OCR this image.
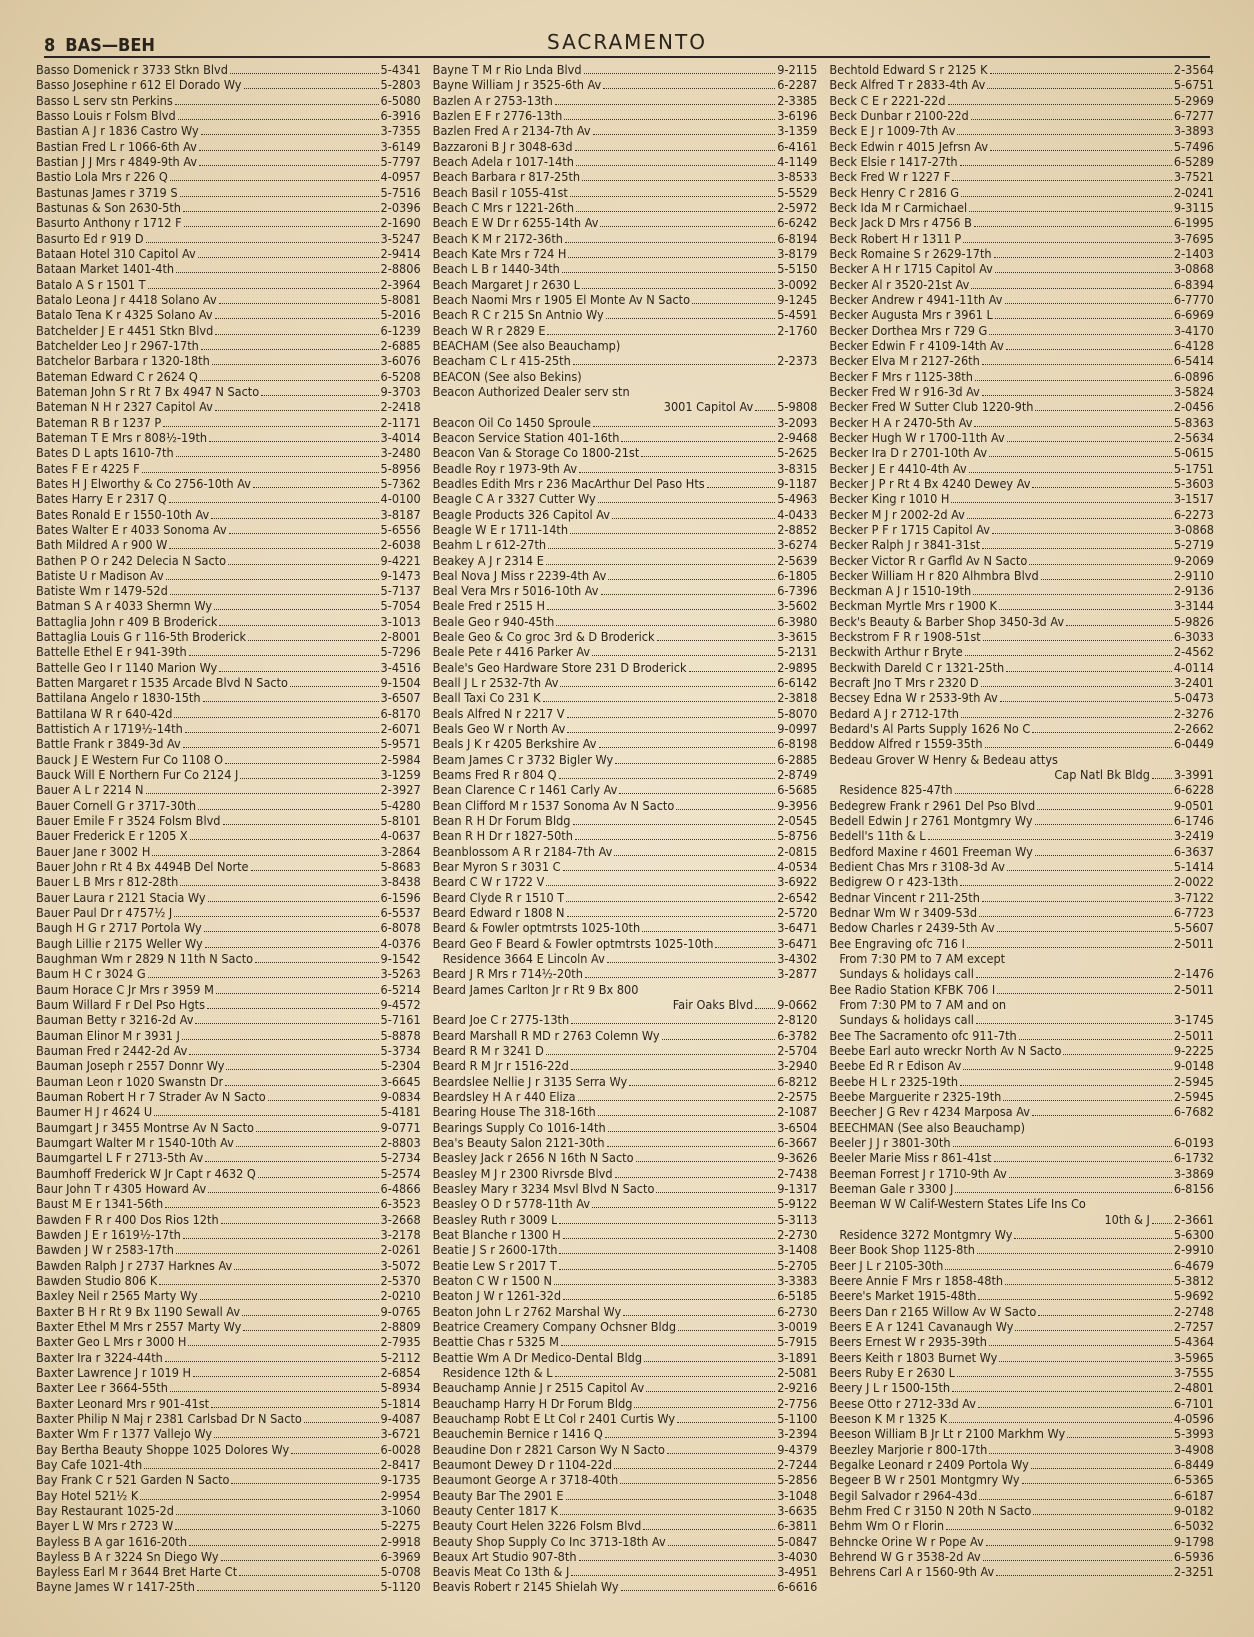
8 BAS—BEH	SACRAMENTO
Basso Domenick r 3733 Stkn Blvd	5-4341
Basso Josephine r 612 El Dorado Wy	5-2803
Basso L serv stn Perkins	6-5080
Basso Louis r Folsm Blvd	6-3916
Bastian A J r 1836 Castro Wy	3-7355
Bastian Fred L r 1066-6th Av	3-6149
Bastian J J Mrs r 4849-9th Av	5-7797
Bastio Lola Mrs r 226 Q	4-0957
Bastunas James r 3719 S	5-7516
Bastunas & Son 2630-5th	2-0396
Basurto Anthony r 1712 F	2-1690
Basurto Ed r 919 D	3-5247
Bataan Hotel 310 Capitol Av	2-9414
Bataan Market 1401-4th	2-8806
Batalo A S r 1501 T	2-3964
Batalo Leona J r 4418 Solano Av	5-8081
Batalo Tena K r 4325 Solano Av	5-2016
Batchelder J E r 4451 Stkn Blvd	6-1239
Batchelder Leo J r 2967-17th	2-6885
Batchelor Barbara r 1320-18th	3-6076
Bateman Edward C r 2624 Q	6-5208
Bateman John S r Rt 7 Bx 4947 N Sacto	9-3703
Bateman N H r 2327 Capitol Av	2-2418
Bateman R B r 1237 P	2-1171
Bateman T E Mrs r 808½-19th	3-4014
Bates D L apts 1610-7th	3-2480
Bates F E r 4225 F	5-8956
Bates H J Elworthy & Co 2756-10th Av	5-7362
Bates Harry E r 2317 Q	4-0100
Bates Ronald E r 1550-10th Av	3-8187
Bates Walter E r 4033 Sonoma Av	5-6556
Bath Mildred A r 900 W	2-6038
Bathen P O r 242 Delecia N Sacto	9-4221
Batiste U r Madison Av	9-1473
Batiste Wm r 1479-52d	5-7137
Batman S A r 4033 Shermn Wy	5-7054
Battaglia John r 409 B Broderick	3-1013
Battaglia Louis G r 116-5th Broderick	2-8001
Battelle Ethel E r 941-39th	5-7296
Battelle Geo I r 1140 Marion Wy	3-4516
Batten Margaret r 1535 Arcade Blvd N Sacto	9-1504
Battilana Angelo r 1830-15th	3-6507
Battilana W R r 640-42d	6-8170
Battistich A r 1719½-14th	2-6071
Battle Frank r 3849-3d Av	5-9571
Bauck J E Western Fur Co 1108 O	2-5984
Bauck Will E Northern Fur Co 2124 J	3-1259
Bauer A L r 2214 N	2-3927
Bauer Cornell G r 3717-30th	5-4280
Bauer Emile F r 3524 Folsm Blvd	5-8101
Bauer Frederick E r 1205 X	4-0637
Bauer Jane r 3002 H	3-2864
Bauer John r Rt 4 Bx 4494B Del Norte	5-8683
Bauer L B Mrs r 812-28th	3-8438
Bauer Laura r 2121 Stacia Wy	6-1596
Bauer Paul Dr r 4757½ J	6-5537
Baugh H G r 2717 Portola Wy	6-8078
Baugh Lillie r 2175 Weller Wy	4-0376
Baughman Wm r 2829 N 11th N Sacto	9-1542
Baum H C r 3024 G	3-5263
Baum Horace C Jr Mrs r 3959 M	6-5214
Baum Willard F r Del Pso Hgts	9-4572
Bauman Betty r 3216-2d Av	5-7161
Bauman Elinor M r 3931 J	5-8878
Bauman Fred r 2442-2d Av	5-3734
Bauman Joseph r 2557 Donnr Wy	5-2304
Bauman Leon r 1020 Swanstn Dr	3-6645
Bauman Robert H r 7 Strader Av N Sacto	9-0834
Baumer H J r 4624 U	5-4181
Baumgart J r 3455 Montrse Av N Sacto	9-0771
Baumgart Walter M r 1540-10th Av	2-8803
Baumgartel L F r 2713-5th Av	5-2734
Baumhoff Frederick W Jr Capt r 4632 Q	5-2574
Baur John T r 4305 Howard Av	6-4866
Baust M E r 1341-56th	6-3523
Bawden F R r 400 Dos Rios 12th	3-2668
Bawden J E r 1619½-17th	3-2178
Bawden J W r 2583-17th	2-0261
Bawden Ralph J r 2737 Harknes Av	3-5072
Bawden Studio 806 K	2-5370
Baxley Neil r 2565 Marty Wy	2-0210
Baxter B H r Rt 9 Bx 1190 Sewall Av	9-0765
Baxter Ethel M Mrs r 2557 Marty Wy	2-8809
Baxter Geo L Mrs r 3000 H	2-7935
Baxter Ira r 3224-44th	5-2112
Baxter Lawrence J r 1019 H	2-6854
Baxter Lee r 3664-55th	5-8934
Baxter Leonard Mrs r 901-41st	5-1814
Baxter Philip N Maj r 2381 Carlsbad Dr N Sacto	9-4087
Baxter Wm F r 1377 Vallejo Wy	3-6721
Bay Bertha Beauty Shoppe 1025 Dolores Wy	6-0028
Bay Cafe 1021-4th	2-8417
Bay Frank C r 521 Garden N Sacto	9-1735
Bay Hotel 521½ K	2-9954
Bay Restaurant 1025-2d	3-1060
Bayer L W Mrs r 2723 W	5-2275
Bayless B A gar 1616-20th	2-9918
Bayless B A r 3224 Sn Diego Wy	6-3969
Bayless Earl M r 3644 Bret Harte Ct	5-0708
Bayne James W r 1417-25th	5-1120
Bayne T M r Rio Lnda Blvd	9-2115
Bayne William J r 3525-6th Av	6-2287
Bazlen A r 2753-13th	2-3385
Bazlen E F r 2776-13th	3-6196
Bazlen Fred A r 2134-7th Av	3-1359
Bazzaroni B J r 3048-63d	6-4161
Beach Adela r 1017-14th	4-1149
Beach Barbara r 817-25th	3-8533
Beach Basil r 1055-41st	5-5529
Beach C Mrs r 1221-26th	2-5972
Beach E W Dr r 6255-14th Av	6-6242
Beach K M r 2172-36th	6-8194
Beach Kate Mrs r 724 H	3-8179
Beach L B r 1440-34th	5-5150
Beach Margaret J r 2630 L	3-0092
Beach Naomi Mrs r 1905 El Monte Av N Sacto	9-1245
Beach R C r 215 Sn Antnio Wy	5-4591
Beach W R r 2829 E	2-1760
BEACHAM (See also Beauchamp)
Beacham C L r 415-25th	2-2373
BEACON (See also Bekins)
Beacon Authorized Dealer serv stn
3001 Capitol Av 5-9808
Beacon Oil Co 1450 Sproule	3-2093
Beacon Service Station 401-16th	2-9468
Beacon Van & Storage Co 1800-21st	5-2625
Beadle Roy r 1973-9th Av	3-8315
Beadles Edith Mrs r 236 MacArthur Del Paso Hts	9-1187
Beagle C A r 3327 Cutter Wy	5-4963
Beagle Products 326 Capitol Av	4-0433
Beagle W E r 1711-14th	2-8852
Beahm L r 612-27th	3-6274
Beakey A J r 2314 E	2-5639
Beal Nova J Miss r 2239-4th Av	6-1805
Beal Vera Mrs r 5016-10th Av	6-7396
Beale Fred r 2515 H	3-5602
Beale Geo r 940-45th	6-3980
Beale Geo & Co groc 3rd & D Broderick	3-3615
Beale Pete r 4416 Parker Av	5-2131
Beale's Geo Hardware Store 231 D Broderick	2-9895
Beall J L r 2532-7th Av	6-6142
Beall Taxi Co 231 K	2-3818
Beals Alfred N r 2217 V	5-8070
Beals Geo W r North Av	9-0997
Beals J K r 4205 Berkshire Av	6-8198
Beam James C r 3732 Bigler Wy	6-2885
Beams Fred R r 804 Q	2-8749
Bean Clarence C r 1461 Carly Av	6-5685
Bean Clifford M r 1537 Sonoma Av N Sacto	9-3956
Bean R H Dr Forum Bldg	2-0545
Bean R H Dr r 1827-50th	5-8756
Beanblossom A R r 2184-7th Av	2-0815
Bear Myron S r 3031 C	4-0534
Beard C W r 1722 V	3-6922
Beard Clyde R r 1510 T	2-6542
Beard Edward r 1808 N	2-5720
Beard & Fowler optmtrsts 1025-10th	3-6471
Beard Geo F Beard & Fowler optmtrsts 1025-10th	3-6471
Residence 3664 E Lincoln Av	3-4302
Beard J R Mrs r 714½-20th	3-2877
Beard James Carlton Jr r Rt 9 Bx 800
Fair Oaks Blvd 9-0662
Beard Joe C r 2775-13th	2-8120
Beard Marshall R MD r 2763 Colemn Wy	6-3782
Beard R M r 3241 D	2-5704
Beard R M Jr r 1516-22d	3-2940
Beardslee Nellie J r 3135 Serra Wy	6-8212
Beardsley H A r 440 Eliza	2-2575
Bearing House The 318-16th	2-1087
Bearings Supply Co 1016-14th	3-6504
Bea's Beauty Salon 2121-30th	6-3667
Beasley Jack r 2656 N 16th N Sacto	9-3626
Beasley M J r 2300 Rivrsde Blvd	2-7438
Beasley Mary r 3234 Msvl Blvd N Sacto	9-1317
Beasley O D r 5778-11th Av	5-9122
Beasley Ruth r 3009 L	5-3113
Beat Blanche r 1300 H	2-2730
Beatie J S r 2600-17th	3-1408
Beatie Lew S r 2017 T	5-2705
Beaton C W r 1500 N	3-3383
Beaton J W r 1261-32d	6-5185
Beaton John L r 2762 Marshal Wy	6-2730
Beatrice Creamery Company Ochsner Bldg	3-0019
Beattie Chas r 5325 M	5-7915
Beattie Wm A Dr Medico-Dental Bldg	3-1891
Residence 12th & L	2-5081
Beauchamp Annie J r 2515 Capitol Av	2-9216
Beauchamp Harry H Dr Forum Bldg	2-7756
Beauchamp Robt E Lt Col r 2401 Curtis Wy	5-1100
Beauchemin Bernice r 1416 Q	3-2394
Beaudine Don r 2821 Carson Wy N Sacto	9-4379
Beaumont Dewey D r 1104-22d	2-7244
Beaumont George A r 3718-40th	5-2856
Beauty Bar The 2901 E	3-1048
Beauty Center 1817 K	3-6635
Beauty Court Helen 3226 Folsm Blvd	6-3811
Beauty Shop Supply Co Inc 3713-18th Av	5-0847
Beaux Art Studio 907-8th	3-4030
Beavis Meat Co 13th & J	3-4951
Beavis Robert r 2145 Shielah Wy	6-6616
Bechtold Edward S r 2125 K	2-3564
Beck Alfred T r 2833-4th Av	5-6751
Beck C E r 2221-22d	5-2969
Beck Dunbar r 2100-22d	6-7277
Beck E J r 1009-7th Av	3-3893
Beck Edwin r 4015 Jefrsn Av	5-7496
Beck Elsie r 1417-27th	6-5289
Beck Fred W r 1227 F	3-7521
Beck Henry C r 2816 G	2-0241
Beck Ida M r Carmichael	9-3115
Beck Jack D Mrs r 4756 B	6-1995
Beck Robert H r 1311 P	3-7695
Beck Romaine S r 2629-17th	2-1403
Becker A H r 1715 Capitol Av	3-0868
Becker Al r 3520-21st Av	6-8394
Becker Andrew r 4941-11th Av	6-7770
Becker Augusta Mrs r 3961 L	6-6969
Becker Dorthea Mrs r 729 G	3-4170
Becker Edwin F r 4109-14th Av	6-4128
Becker Elva M r 2127-26th	6-5414
Becker F Mrs r 1125-38th	6-0896
Becker Fred W r 916-3d Av	3-5824
Becker Fred W Sutter Club 1220-9th	2-0456
Becker H A r 2470-5th Av	5-8363
Becker Hugh W r 1700-11th Av	2-5634
Becker Ira D r 2701-10th Av	5-0615
Becker J E r 4410-4th Av	5-1751
Becker J P r Rt 4 Bx 4240 Dewey Av	5-3603
Becker King r 1010 H	3-1517
Becker M J r 2002-2d Av	6-2273
Becker P F r 1715 Capitol Av	3-0868
Becker Ralph J r 3841-31st	5-2719
Becker Victor R r Garfld Av N Sacto	9-2069
Becker William H r 820 Alhmbra Blvd	2-9110
Beckman A J r 1510-19th	2-9136
Beckman Myrtle Mrs r 1900 K	3-3144
Beck's Beauty & Barber Shop 3450-3d Av	5-9826
Beckstrom F R r 1908-51st	6-3033
Beckwith Arthur r Bryte	2-4562
Beckwith Dareld C r 1321-25th	4-0114
Becraft Jno T Mrs r 2320 D	3-2401
Becsey Edna W r 2533-9th Av	5-0473
Bedard A J r 2712-17th	2-3276
Bedard's Al Parts Supply 1626 No C	2-2662
Beddow Alfred r 1559-35th	6-0449
Bedeau Grover W Henry & Bedeau attys
Cap Natl Bk Bldg 3-3991
Residence 825-47th	6-6228
Bedegrew Frank r 2961 Del Pso Blvd	9-0501
Bedell Edwin J r 2761 Montgmry Wy	6-1746
Bedell's 11th & L	3-2419
Bedford Maxine r 4601 Freeman Wy	6-3637
Bedient Chas Mrs r 3108-3d Av	5-1414
Bedigrew O r 423-13th	2-0022
Bednar Vincent r 211-25th	3-7122
Bednar Wm W r 3409-53d	6-7723
Bedow Charles r 2439-5th Av	5-5607
Bee Engraving ofc 716 I	2-5011
From 7:30 PM to 7 AM except
Sundays & holidays call	2-1476
Bee Radio Station KFBK 706 I	2-5011
From 7:30 PM to 7 AM and on
Sundays & holidays call	3-1745
Bee The Sacramento ofc 911-7th	2-5011
Beebe Earl auto wreckr North Av N Sacto	9-2225
Beebe Ed R r Edison Av	9-0148
Beebe H L r 2325-19th	2-5945
Beebe Marguerite r 2325-19th	2-5945
Beecher J G Rev r 4234 Marposa Av	6-7682
BEECHMAN (See also Beauchamp)
Beeler J J r 3801-30th	6-0193
Beeler Marie Miss r 861-41st	6-1732
Beeman Forrest J r 1710-9th Av	3-3869
Beeman Gale r 3300 J	6-8156
Beeman W W Calif-Western States Life Ins Co
10th & J 2-3661
Residence 3272 Montgmry Wy	5-6300
Beer Book Shop 1125-8th	2-9910
Beer J L r 2105-30th	6-4679
Beere Annie F Mrs r 1858-48th	5-3812
Beere's Market 1915-48th	5-9692
Beers Dan r 2165 Willow Av W Sacto	2-2748
Beers E A r 1241 Cavanaugh Wy	2-7257
Beers Ernest W r 2935-39th	5-4364
Beers Keith r 1803 Burnet Wy	3-5965
Beers Ruby E r 2630 L	3-7555
Beery J L r 1500-15th	2-4801
Beese Otto r 2712-33d Av	6-7101
Beeson K M r 1325 K	4-0596
Beeson William B Jr Lt r 2100 Markhm Wy	5-3993
Beezley Marjorie r 800-17th	3-4908
Begalke Leonard r 2409 Portola Wy	6-8449
Begeer B W r 2501 Montgmry Wy	6-5365
Begil Salvador r 2964-43d	6-6187
Behm Fred C r 3150 N 20th N Sacto	9-0182
Behm Wm O r Florin	6-5032
Behncke Orine W r Pope Av	9-1798
Behrend W G r 3538-2d Av	6-5936
Behrens Carl A r 1560-9th Av	2-3251
